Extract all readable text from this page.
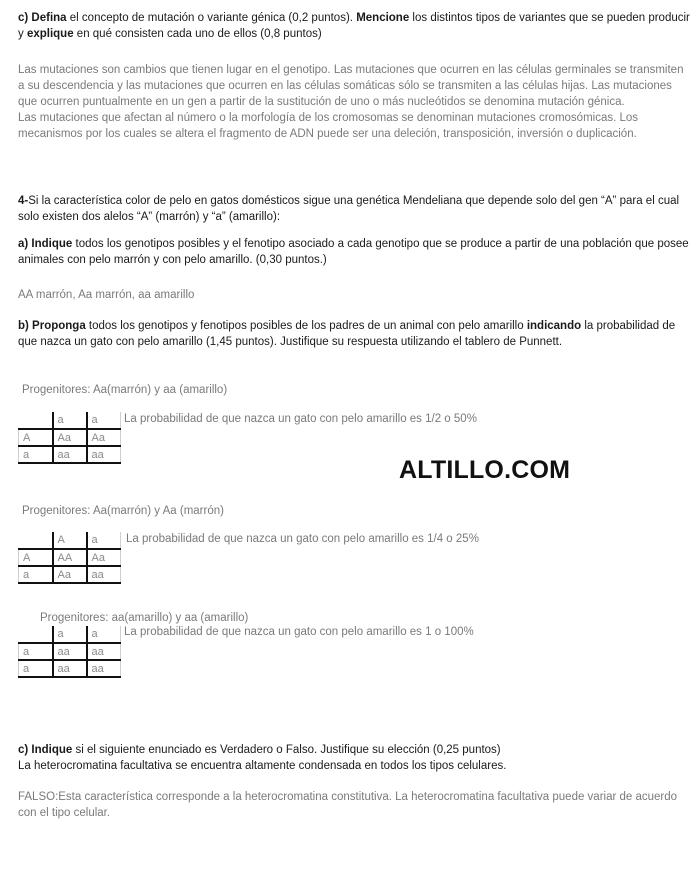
c) Defina el concepto de mutación o variante génica (0,2 puntos). Mencione los distintos tipos de variantes que se pueden producir y explique en qué consisten cada uno de ellos (0,8 puntos)

Las mutaciones son cambios que tienen lugar en el genotipo. Las mutaciones que ocurren en las células germinales se transmiten a su descendencia y las mutaciones que ocurren en las células somáticas sólo se transmiten a las células hijas. Las mutaciones que ocurren puntualmente en un gen a partir de la sustitución de uno o más nucleótidos se denomina mutación génica.

Las mutaciones que afectan al número o la morfología de los cromosomas se denominan mutaciones cromosómicas. Los mecanismos por los cuales se altera el fragmento de ADN puede ser una deleción, transposición, inversión o duplicación.

4-Si la característica color de pelo en gatos domésticos sigue una genética Mendeliana que depende solo del gen “A” para el cual solo existen dos alelos “A” (marrón) y “a” (amarillo):
a) Indique todos los genotipos posibles y el fenotipo asociado a cada genotipo que se produce a partir de una población que posee animales con pelo marrón y con pelo amarillo. (0,30 puntos.)
AA marrón, Aa marrón, aa amarillo
b) Proponga todos los genotipos y fenotipos posibles de los padres de un animal con pelo amarillo indicando la probabilidad de que nazca un gato con pelo amarillo (1,45 puntos). Justifique su respuesta utilizando el tablero de Punnett.
Progenitores: Aa(marrón) y aa (amarillo)
	a	a
A	Aa	Aa
a	aa	aa
La probabilidad de que nazca un gato con pelo amarillo es 1/2 o 50%
ALTILLO.COM
Progenitores: Aa(marrón) y Aa (marrón)
	A	a
A	AA	Aa
a	Aa	aa
La probabilidad de que nazca un gato con pelo amarillo es 1/4 o 25%
Progenitores: aa(amarillo) y aa (amarillo)
	a	a
a	aa	aa
a	aa	aa
La probabilidad de que nazca un gato con pelo amarillo es 1 o 100%
c) Indique si el siguiente enunciado es Verdadero o Falso. Justifique su elección (0,25 puntos)
La heterocromatina facultativa se encuentra altamente condensada en todos los tipos celulares.
FALSO:Esta característica corresponde a la heterocromatina constitutiva. La heterocromatina facultativa puede variar de acuerdo con el tipo celular.
